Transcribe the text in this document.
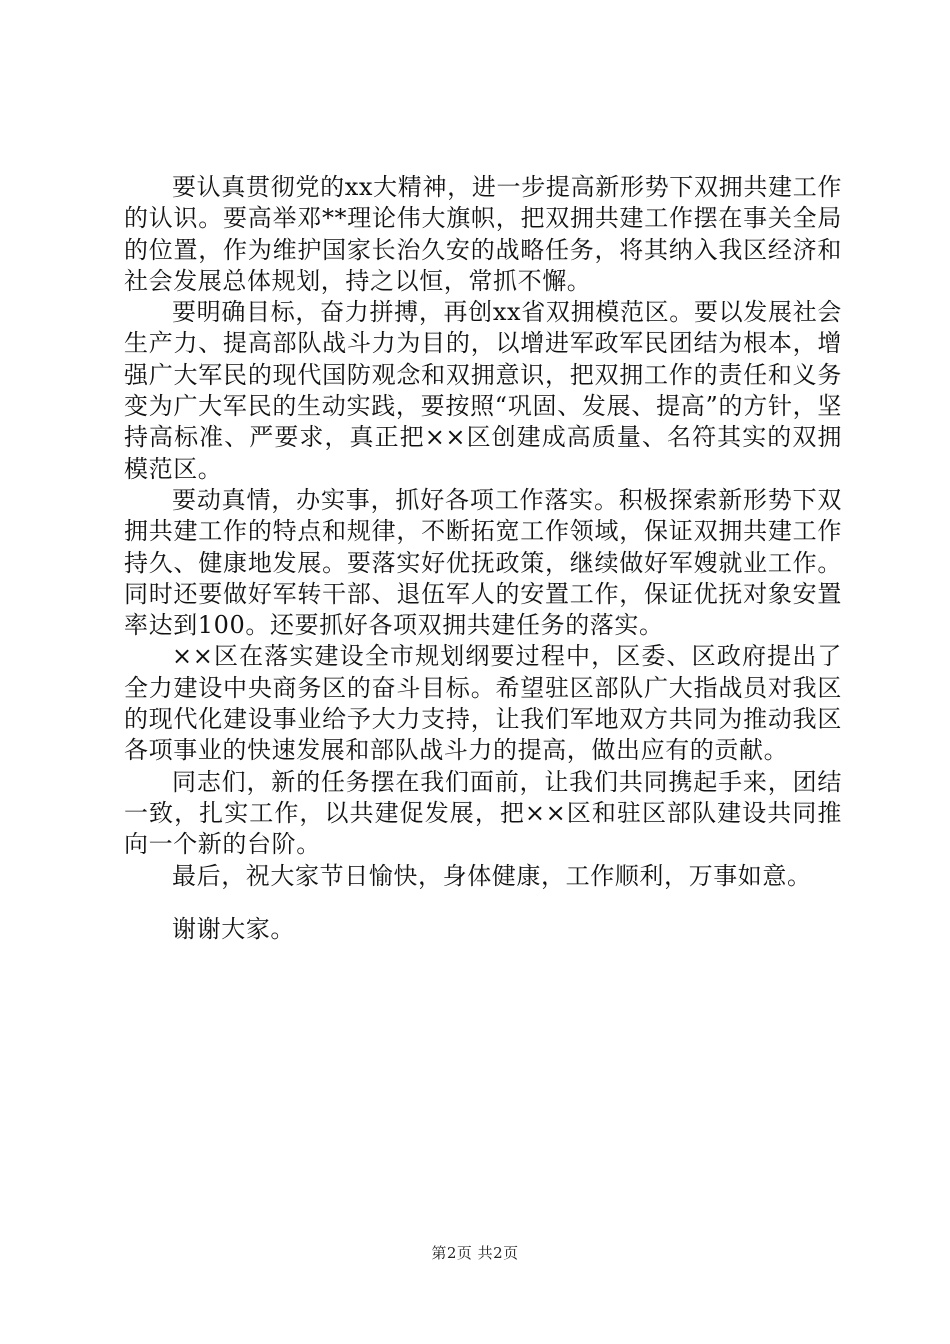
要认真贯彻党的xx大精神，进一步提高新形势下双拥共建工作的认识。要高举邓**理论伟大旗帜，把双拥共建工作摆在事关全局的位置，作为维护国家长治久安的战略任务，将其纳入我区经济和社会发展总体规划，持之以恒，常抓不懈。

要明确目标，奋力拼搏，再创xx省双拥模范区。要以发展社会生产力、提高部队战斗力为目的，以增进军政军民团结为根本，增强广大军民的现代国防观念和双拥意识，把双拥工作的责任和义务变为广大军民的生动实践，要按照“巩固、发展、提高”的方针，坚持高标准、严要求，真正把××区创建成高质量、名符其实的双拥模范区。

要动真情，办实事，抓好各项工作落实。积极探索新形势下双拥共建工作的特点和规律，不断拓宽工作领域，保证双拥共建工作持久、健康地发展。要落实好优抚政策，继续做好军嫂就业工作。同时还要做好军转干部、退伍军人的安置工作，保证优抚对象安置率达到100。还要抓好各项双拥共建任务的落实。

××区在落实建设全市规划纲要过程中，区委、区政府提出了全力建设中央商务区的奋斗目标。希望驻区部队广大指战员对我区的现代化建设事业给予大力支持，让我们军地双方共同为推动我区各项事业的快速发展和部队战斗力的提高，做出应有的贡献。

同志们，新的任务摆在我们面前，让我们共同携起手来，团结一致，扎实工作，以共建促发展，把××区和驻区部队建设共同推向一个新的台阶。

最后，祝大家节日愉快，身体健康，工作顺利，万事如意。

谢谢大家。

第2页 共2页
